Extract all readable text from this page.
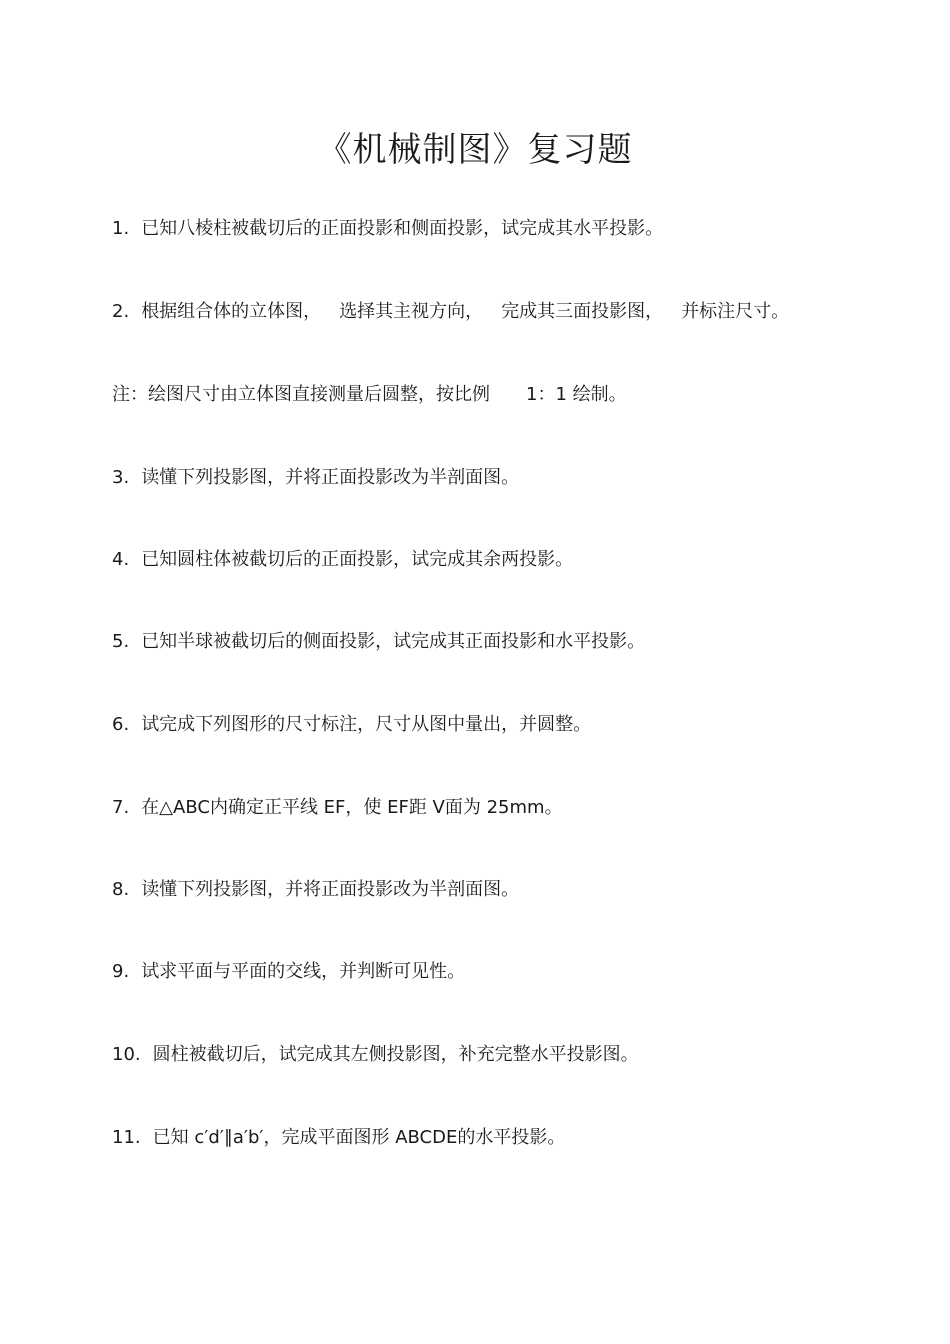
《机械制图》复习题
1. 已知八棱柱被截切后的正面投影和侧面投影，试完成其水平投影。
2. 根据组合体的立体图， 选择其主视方向， 完成其三面投影图， 并标注尺寸。
注：绘图尺寸由立体图直接测量后圆整，按比例 1：1 绘制。
3. 读懂下列投影图，并将正面投影改为半剖面图。
4. 已知圆柱体被截切后的正面投影，试完成其余两投影。
5. 已知半球被截切后的侧面投影，试完成其正面投影和水平投影。
6. 试完成下列图形的尺寸标注，尺寸从图中量出，并圆整。
7. 在△ABC内确定正平线 EF，使 EF距 V面为 25mm。
8. 读懂下列投影图，并将正面投影改为半剖面图。
9. 试求平面与平面的交线，并判断可见性。
10. 圆柱被截切后，试完成其左侧投影图，补充完整水平投影图。
11. 已知 c′d′∥a′b′，完成平面图形 ABCDE的水平投影。
